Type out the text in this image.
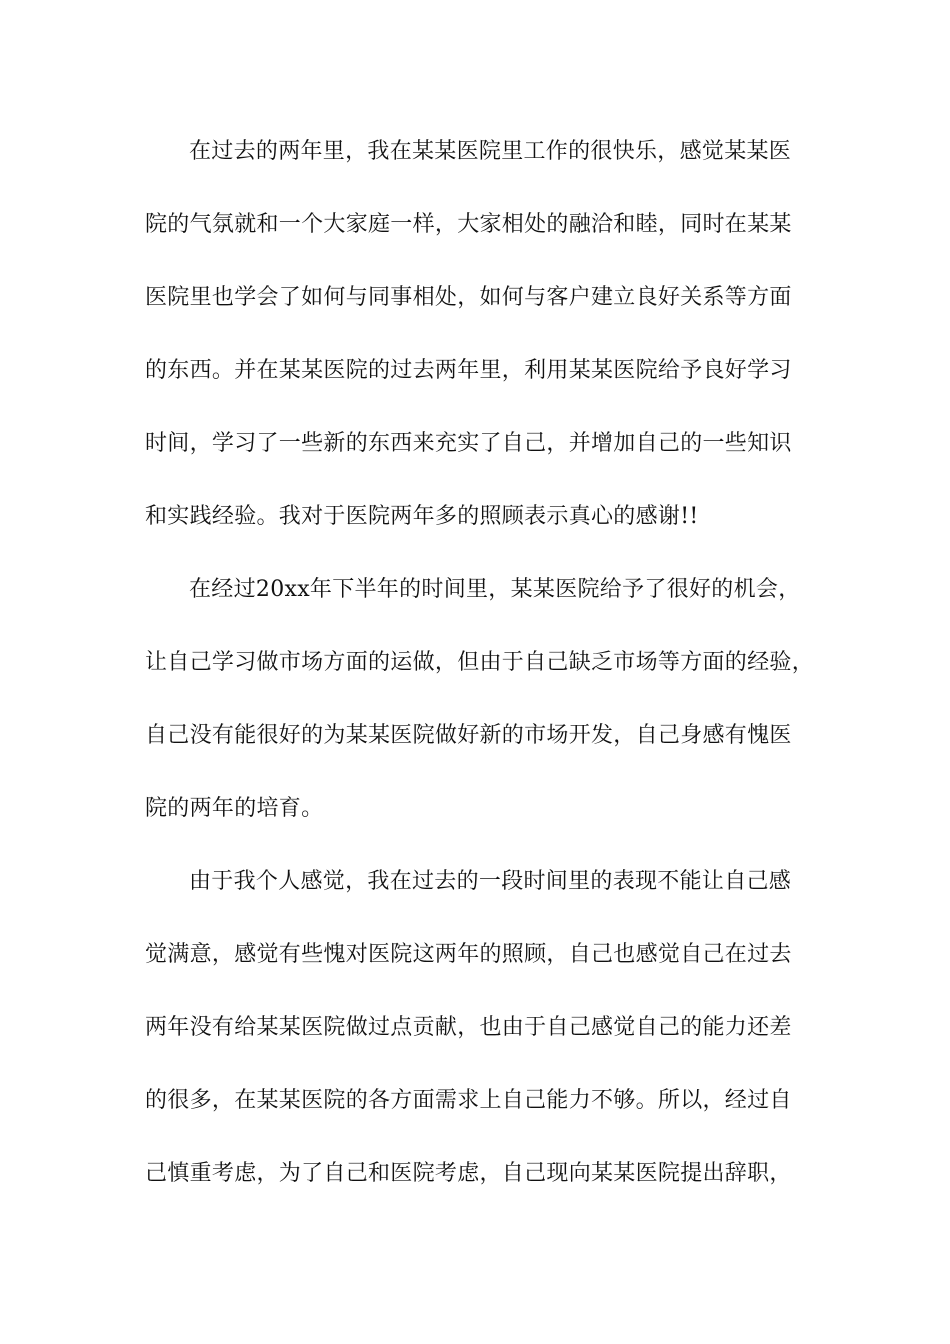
在过去的两年里，我在某某医院里工作的很快乐，感觉某某医
院的气氛就和一个大家庭一样，大家相处的融洽和睦，同时在某某
医院里也学会了如何与同事相处，如何与客户建立良好关系等方面
的东西。并在某某医院的过去两年里，利用某某医院给予良好学习
时间，学习了一些新的东西来充实了自己，并增加自己的一些知识
和实践经验。我对于医院两年多的照顾表示真心的感谢!!
在经过20xx年下半年的时间里，某某医院给予了很好的机会，
让自己学习做市场方面的运做，但由于自己缺乏市场等方面的经验，
自己没有能很好的为某某医院做好新的市场开发，自己身感有愧医
院的两年的培育。
由于我个人感觉，我在过去的一段时间里的表现不能让自己感
觉满意，感觉有些愧对医院这两年的照顾，自己也感觉自己在过去
两年没有给某某医院做过点贡献，也由于自己感觉自己的能力还差
的很多，在某某医院的各方面需求上自己能力不够。所以，经过自
己慎重考虑，为了自己和医院考虑，自己现向某某医院提出辞职，
